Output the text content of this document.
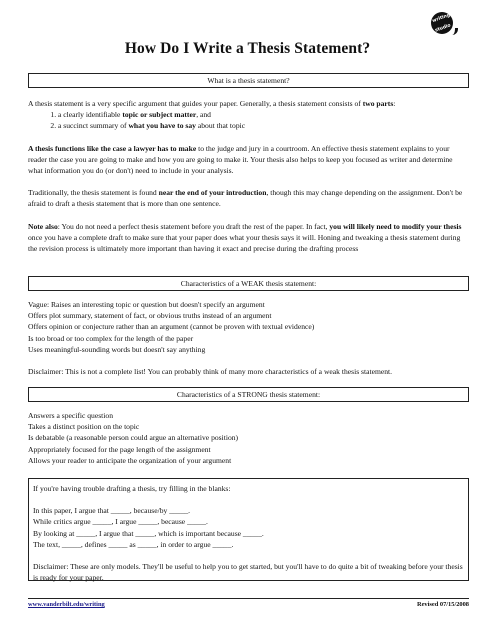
writing

studio
How Do I Write a Thesis Statement?
What is a thesis statement?

A thesis statement is a very specific argument that guides your paper. Generally, a thesis statement consists of two parts:

1. a clearly identifiable topic or subject matter, and
2. a succinct summary of what you have to say about that topic

A thesis functions like the case a lawyer has to make to the judge and jury in a courtroom. An effective thesis statement explains to your reader the case you are going to make and how you are going to make it. Your thesis also helps to keep you focused as writer and determine what information you do (or don't) need to include in your analysis.

Traditionally, the thesis statement is found near the end of your introduction, though this may change depending on the assignment. Don't be afraid to draft a thesis statement that is more than one sentence.

Note also: You do not need a perfect thesis statement before you draft the rest of the paper. In fact, you will likely need to modify your thesis once you have a complete draft to make sure that your paper does what your thesis says it will. Honing and tweaking a thesis statement during the revision process is ultimately more important than having it exact and precise during the drafting process

Characteristics of a WEAK thesis statement:

Vague: Raises an interesting topic or question but doesn't specify an argument

Offers plot summary, statement of fact, or obvious truths instead of an argument

Offers opinion or conjecture rather than an argument (cannot be proven with textual evidence)

Is too broad or too complex for the length of the paper

Uses meaningful-sounding words but doesn't say anything

Disclaimer: This is not a complete list! You can probably think of many more characteristics of a weak thesis statement.

Characteristics of a STRONG thesis statement:

Answers a specific question

Takes a distinct position on the topic

Is debatable (a reasonable person could argue an alternative position)

Appropriately focused for the page length of the assignment

Allows your reader to anticipate the organization of your argument

If you're having trouble drafting a thesis, try filling in the blanks:

In this paper, I argue that _____, because/by _____.

While critics argue _____, I argue _____, because _____.

By looking at _____, I argue that _____, which is important because _____.

The text, _____, defines _____ as _____, in order to argue _____.

Disclaimer: These are only models. They'll be useful to help you to get started, but you'll have to do quite a bit of tweaking before your thesis is ready for your paper.

www.vanderbilt.edu/writing	Revised 07/15/2008
